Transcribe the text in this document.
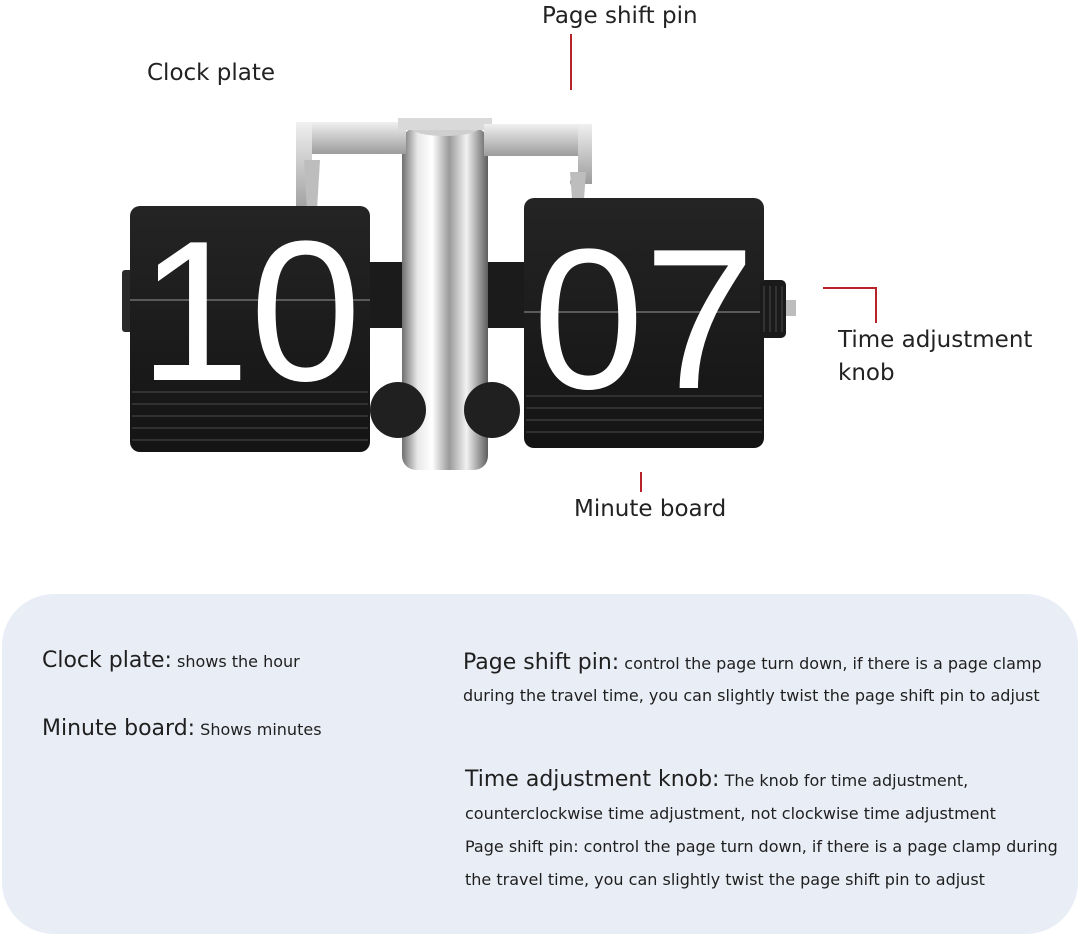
Clock plate
Page shift pin
Time adjustment
knob
Minute board
10 07
Clock plate: shows the hour
Minute board: Shows minutes
Page shift pin: control the page turn down, if there is a page clamp
during the travel time, you can slightly twist the page shift pin to adjust
Time adjustment knob: The knob for time adjustment,
counterclockwise time adjustment, not clockwise time adjustment
Page shift pin: control the page turn down, if there is a page clamp during
the travel time, you can slightly twist the page shift pin to adjust
